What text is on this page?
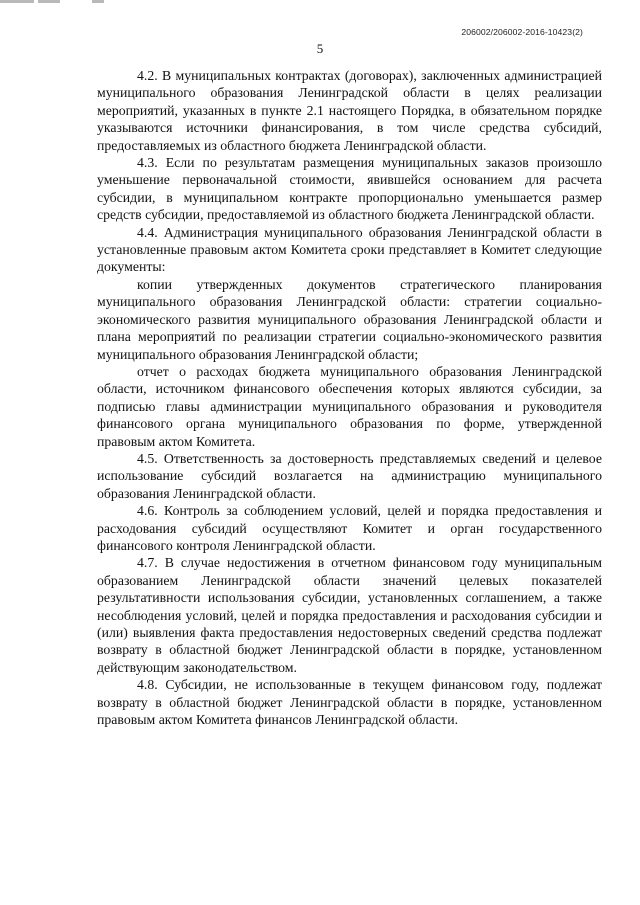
206002/206002-2016-10423(2)
5

4.2. В муниципальных контрактах (договорах), заключенных администрацией муниципального образования Ленинградской области в целях реализации мероприятий, указанных в пункте 2.1 настоящего Порядка, в обязательном порядке указываются источники финансирования, в том числе средства субсидий, предоставляемых из областного бюджета Ленинградской области.

4.3. Если по результатам размещения муниципальных заказов произошло уменьшение первоначальной стоимости, явившейся основанием для расчета субсидии, в муниципальном контракте пропорционально уменьшается размер средств субсидии, предоставляемой из областного бюджета Ленинградской области.

4.4. Администрация муниципального образования Ленинградской области в установленные правовым актом Комитета сроки представляет в Комитет следующие документы:

копии утвержденных документов стратегического планирования муниципального образования Ленинградской области: стратегии социально-экономического развития муниципального образования Ленинградской области и плана мероприятий по реализации стратегии социально-экономического развития муниципального образования Ленинградской области;

отчет о расходах бюджета муниципального образования Ленинградской области, источником финансового обеспечения которых являются субсидии, за подписью главы администрации муниципального образования и руководителя финансового органа муниципального образования по форме, утвержденной правовым актом Комитета.

4.5. Ответственность за достоверность представляемых сведений и целевое использование субсидий возлагается на администрацию муниципального образования Ленинградской области.

4.6. Контроль за соблюдением условий, целей и порядка предоставления и расходования субсидий осуществляют Комитет и орган государственного финансового контроля Ленинградской области.

4.7. В случае недостижения в отчетном финансовом году муниципальным образованием Ленинградской области значений целевых показателей результативности использования субсидии, установленных соглашением, а также несоблюдения условий, целей и порядка предоставления и расходования субсидии и (или) выявления факта предоставления недостоверных сведений средства подлежат возврату в областной бюджет Ленинградской области в порядке, установленном действующим законодательством.

4.8. Субсидии, не использованные в текущем финансовом году, подлежат возврату в областной бюджет Ленинградской области в порядке, установленном правовым актом Комитета финансов Ленинградской области.
